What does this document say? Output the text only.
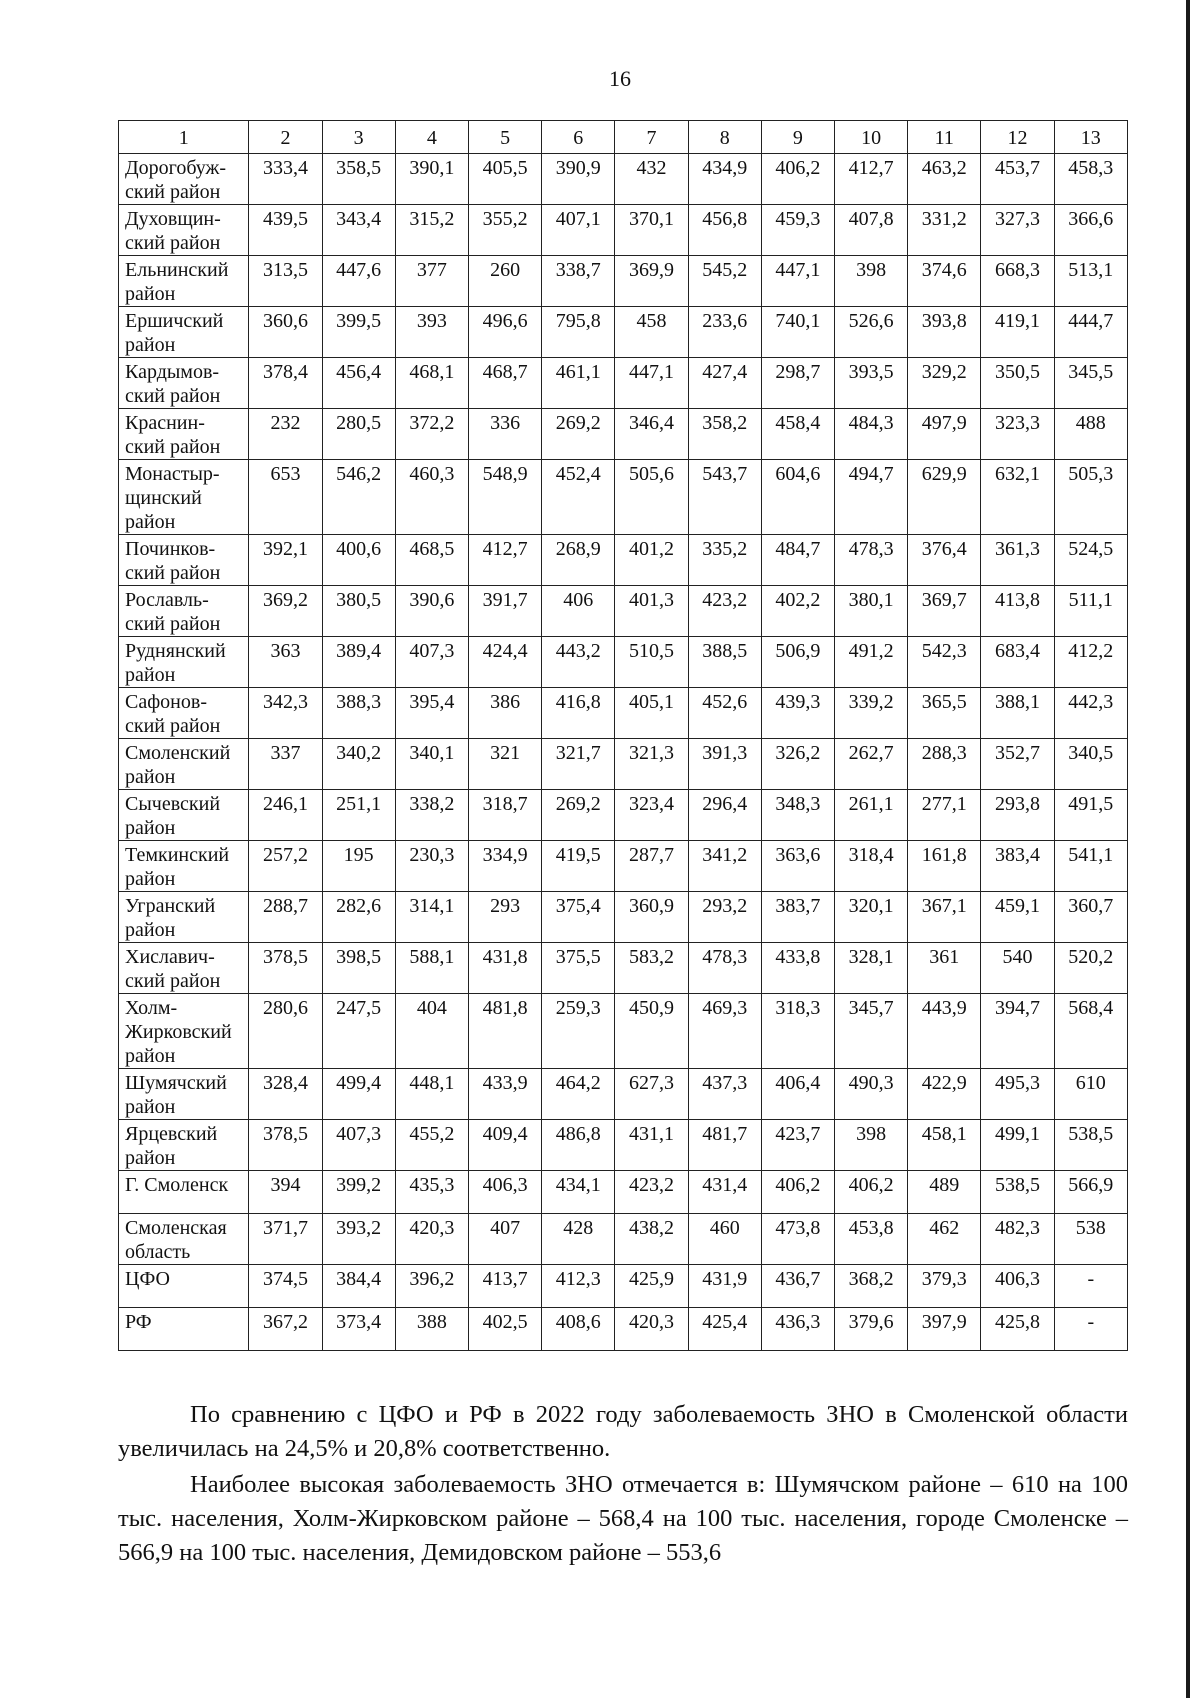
16
1	2	3	4	5	6	7	8	9	10	11	12	13
Дорогобуж-
ский район	333,4	358,5	390,1	405,5	390,9	432	434,9	406,2	412,7	463,2	453,7	458,3
Духовщин-
ский район	439,5	343,4	315,2	355,2	407,1	370,1	456,8	459,3	407,8	331,2	327,3	366,6
Ельнинский
район	313,5	447,6	377	260	338,7	369,9	545,2	447,1	398	374,6	668,3	513,1
Ершичский
район	360,6	399,5	393	496,6	795,8	458	233,6	740,1	526,6	393,8	419,1	444,7
Кардымов-
ский район	378,4	456,4	468,1	468,7	461,1	447,1	427,4	298,7	393,5	329,2	350,5	345,5
Краснин-
ский район	232	280,5	372,2	336	269,2	346,4	358,2	458,4	484,3	497,9	323,3	488
Монастыр-
щинский
район	653	546,2	460,3	548,9	452,4	505,6	543,7	604,6	494,7	629,9	632,1	505,3
Починков-
ский район	392,1	400,6	468,5	412,7	268,9	401,2	335,2	484,7	478,3	376,4	361,3	524,5
Рославль-
ский район	369,2	380,5	390,6	391,7	406	401,3	423,2	402,2	380,1	369,7	413,8	511,1
Руднянский
район	363	389,4	407,3	424,4	443,2	510,5	388,5	506,9	491,2	542,3	683,4	412,2
Сафонов-
ский район	342,3	388,3	395,4	386	416,8	405,1	452,6	439,3	339,2	365,5	388,1	442,3
Смоленский
район	337	340,2	340,1	321	321,7	321,3	391,3	326,2	262,7	288,3	352,7	340,5
Сычевский
район	246,1	251,1	338,2	318,7	269,2	323,4	296,4	348,3	261,1	277,1	293,8	491,5
Темкинский
район	257,2	195	230,3	334,9	419,5	287,7	341,2	363,6	318,4	161,8	383,4	541,1
Угранский
район	288,7	282,6	314,1	293	375,4	360,9	293,2	383,7	320,1	367,1	459,1	360,7
Хиславич-
ский район	378,5	398,5	588,1	431,8	375,5	583,2	478,3	433,8	328,1	361	540	520,2
Холм-
Жирковский
район	280,6	247,5	404	481,8	259,3	450,9	469,3	318,3	345,7	443,9	394,7	568,4
Шумячский
район	328,4	499,4	448,1	433,9	464,2	627,3	437,3	406,4	490,3	422,9	495,3	610
Ярцевский
район	378,5	407,3	455,2	409,4	486,8	431,1	481,7	423,7	398	458,1	499,1	538,5
Г. Смоленск	394	399,2	435,3	406,3	434,1	423,2	431,4	406,2	406,2	489	538,5	566,9
Смоленская
область	371,7	393,2	420,3	407	428	438,2	460	473,8	453,8	462	482,3	538
ЦФО	374,5	384,4	396,2	413,7	412,3	425,9	431,9	436,7	368,2	379,3	406,3	-
РФ	367,2	373,4	388	402,5	408,6	420,3	425,4	436,3	379,6	397,9	425,8	-

По сравнению с ЦФО и РФ в 2022 году заболеваемость ЗНО в Смоленской области увеличилась на 24,5% и 20,8% соответственно.

Наиболее высокая заболеваемость ЗНО отмечается в: Шумячском районе – 610 на 100 тыс. населения, Холм-Жирковском районе – 568,4 на 100 тыс. населения, городе Смоленске – 566,9 на 100 тыс. населения, Демидовском районе – 553,6
